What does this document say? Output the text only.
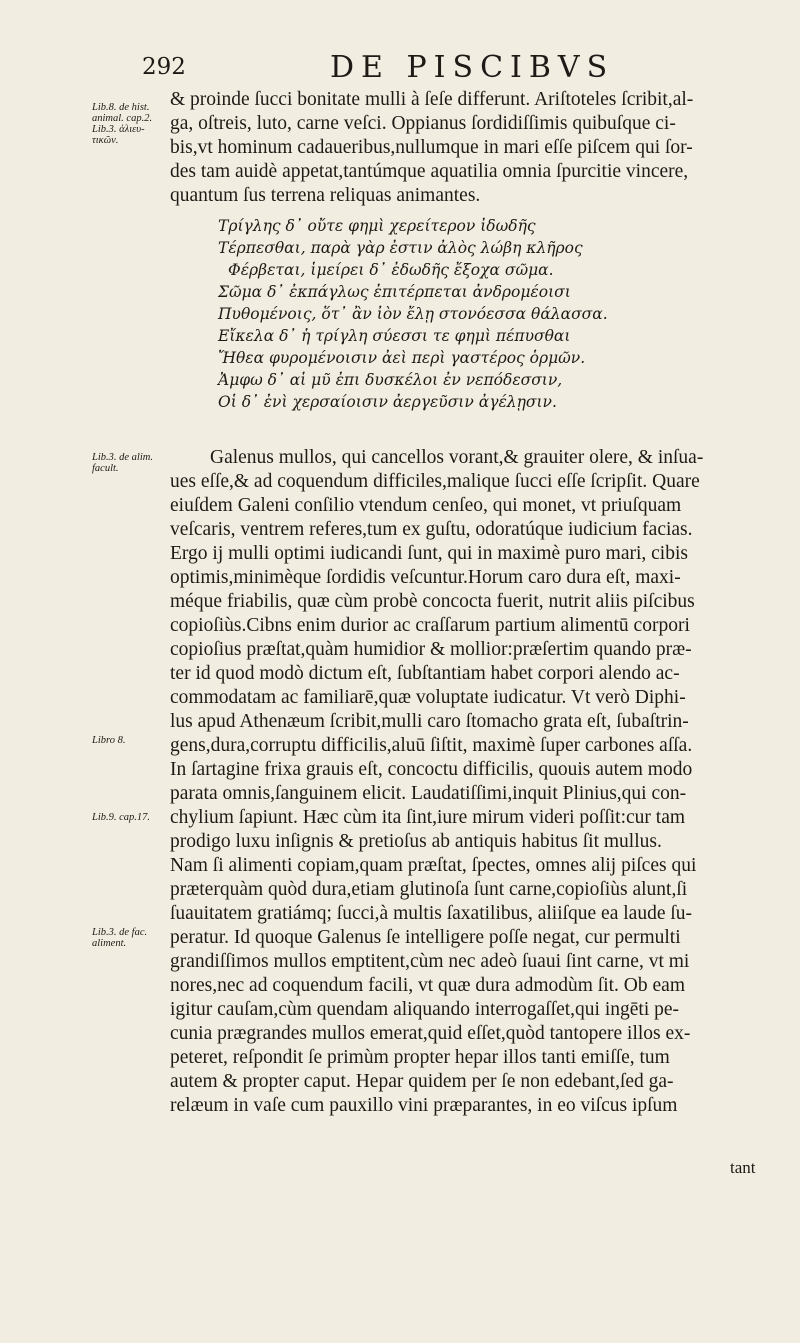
292	DE PISCIBVS
Lib.8. de hist.
animal. cap.2.
Lib.3. ἁλιευ-
τικῶν.
Lib.3. de alim.
facult.
Libro 8.
Lib.9. cap.17.
Lib.3. de fac.
aliment.
& proinde ſucci bonitate mulli à ſeſe differunt. Ariſtoteles ſcribit,al-
ga, oſtreis, luto, carne veſci. Oppianus ſordidiſſimis quibuſque ci-
bis,vt hominum cadaueribus,nullumque in mari eſſe piſcem qui ſor-
des tam auidè appetat,tantúmque aquatilia omnia ſpurcitie vincere,
quantum ſus terrena reliquas animantes.
Τρίγλης δ᾽ οὔτε φημὶ χερείτερον ἰδωδῆς
Τέρπεσθαι, παρὰ γὰρ ἐστιν ἀλὸς λώβη κλῆρος
Φέρβεται, ἱμείρει δ᾽ ἐδωδῆς ἔξοχα σῶμα.
Σῶμα δ᾽ ἐκπάγλως ἐπιτέρπεται ἀνδρομέοισι
Πυθομένοις, ὅτ᾽ ἂν ἰὸν ἔλῃ στονόεσσα θάλασσα.
Εἴκελα δ᾽ ἡ τρίγλη σύεσσι τε φημὶ πέπυσθαι
Ἤθεα φυρομένοισιν ἀεὶ περὶ γαστέρος ὁρμῶν.
Ἀμφω δ᾽ αἱ μῦ ἐπι δυσκέλοι ἐν νεπόδεσσιν,
Οἱ δ᾽ ἐνὶ χερσαίοισιν ἀεργεῦσιν ἀγέλῃσιν.
Galenus mullos, qui cancellos vorant,& grauiter olere, & inſua-
ues eſſe,& ad coquendum difficiles,malique ſucci eſſe ſcripſit. Quare
eiuſdem Galeni conſilio vtendum cenſeo, qui monet, vt priuſquam
veſcaris, ventrem referes,tum ex guſtu, odoratúque iudicium facias.
Ergo ij mulli optimi iudicandi ſunt, qui in maximè puro mari, cibis
optimis,minimèque ſordidis veſcuntur.Horum caro dura eſt, maxi-
méque friabilis, quæ cùm probè concocta fuerit, nutrit aliis piſcibus
copioſiùs.Cibns enim durior ac craſſarum partium alimentū corpori
copioſius præſtat,quàm humidior & mollior:præſertim quando præ-
ter id quod modò dictum eſt, ſubſtantiam habet corpori alendo ac-
commodatam ac familiarē,quæ voluptate iudicatur. Vt verò Diphi-
lus apud Athenæum ſcribit,mulli caro ſtomacho grata eſt, ſubaſtrin-
gens,dura,corruptu difficilis,aluū ſiſtit, maximè ſuper carbones aſſa.
In ſartagine frixa grauis eſt, concoctu difficilis, quouis autem modo
parata omnis,ſanguinem elicit. Laudatiſſimi,inquit Plinius,qui con-
chylium ſapiunt. Hæc cùm ita ſint,iure mirum videri poſſit:cur tam
prodigo luxu inſignis & pretioſus ab antiquis habitus ſit mullus.
Nam ſi alimenti copiam,quam præſtat, ſpectes, omnes alij piſces qui
præterquàm quòd dura,etiam glutinoſa ſunt carne,copioſiùs alunt,ſi
ſuauitatem gratiámq; ſucci,à multis ſaxatilibus, aliiſque ea laude ſu-
peratur. Id quoque Galenus ſe intelligere poſſe negat, cur permulti
grandiſſimos mullos emptitent,cùm nec adeò ſuaui ſint carne, vt mi
nores,nec ad coquendum facili, vt quæ dura admodùm ſit. Ob eam
igitur cauſam,cùm quendam aliquando interrogaſſet,qui ingēti pe-
cunia prægrandes mullos emerat,quid eſſet,quòd tantopere illos ex-
peteret, reſpondit ſe primùm propter hepar illos tanti emiſſe, tum
autem & propter caput. Hepar quidem per ſe non edebant,ſed ga-
relæum in vaſe cum pauxillo vini præparantes, in eo viſcus ipſum
tant
